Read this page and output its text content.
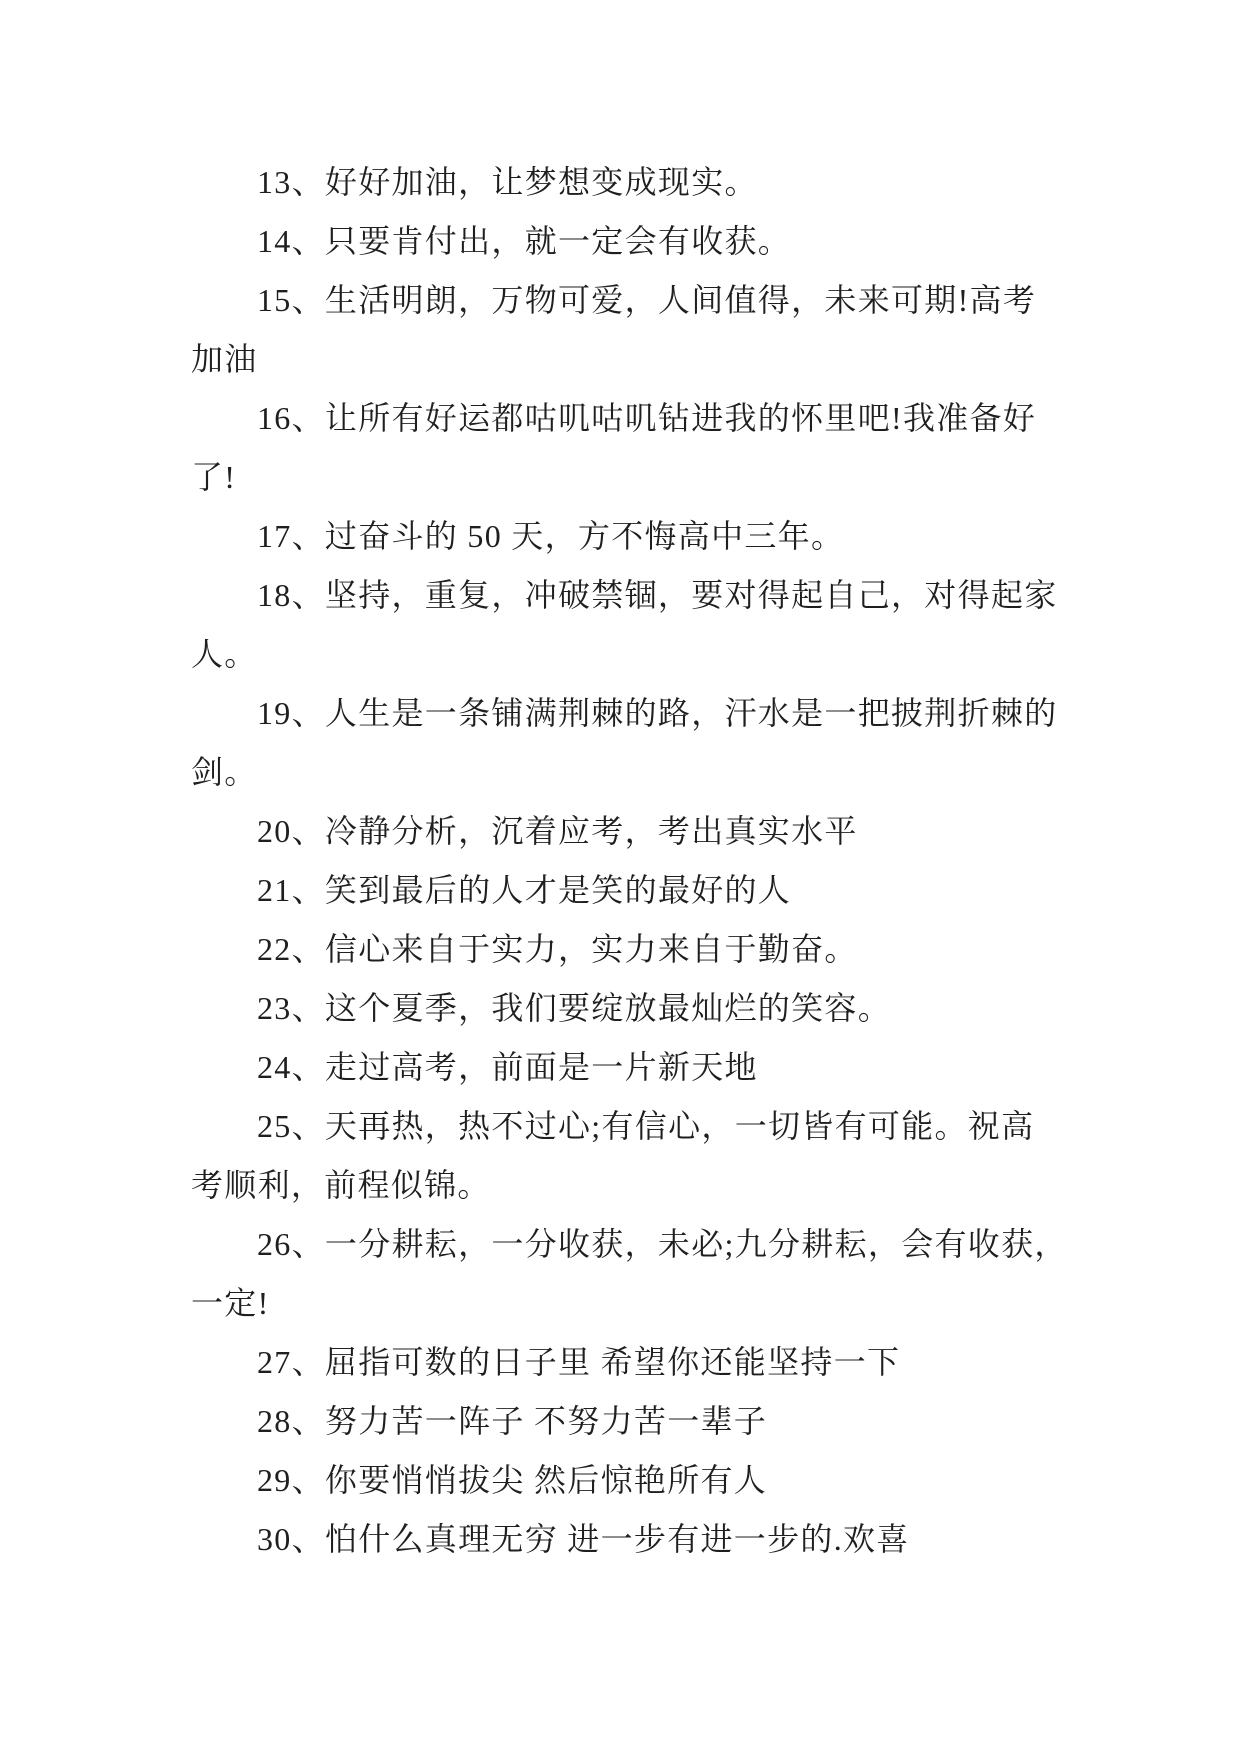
13、好好加油，让梦想变成现实。
14、只要肯付出，就一定会有收获。
15、生活明朗，万物可爱，人间值得，未来可期!高考
加油
16、让所有好运都咕叽咕叽钻进我的怀里吧!我准备好
了!
17、过奋斗的 50 天，方不悔高中三年。
18、坚持，重复，冲破禁锢，要对得起自己，对得起家
人。
19、人生是一条铺满荆棘的路，汗水是一把披荆折棘的
剑。
20、冷静分析，沉着应考，考出真实水平
21、笑到最后的人才是笑的最好的人
22、信心来自于实力，实力来自于勤奋。
23、这个夏季，我们要绽放最灿烂的笑容。
24、走过高考，前面是一片新天地
25、天再热，热不过心;有信心，一切皆有可能。祝高
考顺利，前程似锦。
26、一分耕耘，一分收获，未必;九分耕耘，会有收获，
一定!
27、屈指可数的日子里 希望你还能坚持一下
28、努力苦一阵子 不努力苦一辈子
29、你要悄悄拔尖 然后惊艳所有人
30、怕什么真理无穷 进一步有进一步的.欢喜
